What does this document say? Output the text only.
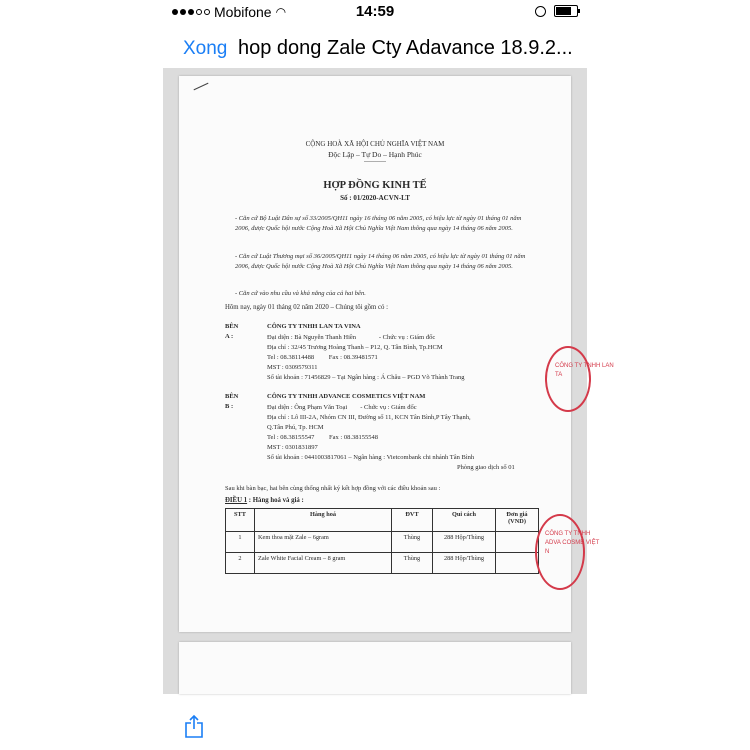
Mobifone ◠	14:59
Xong hop dong Zale Cty Adavance 18.9.2...
CỘNG HOÀ XÃ HỘI CHỦ NGHĨA VIỆT NAM
Độc Lập – Tự Do – Hạnh Phúc
-----------
HỢP ĐỒNG KINH TẾ
Số : 01/2020-ACVN-LT
- Căn cứ Bộ Luật Dân sự số 33/2005/QH11 ngày 16 tháng 06 năm 2005, có hiệu lực từ ngày 01 tháng 01 năm 2006, được Quốc hội nước Cộng Hoà Xã Hội Chủ Nghĩa Việt Nam thông qua ngày 14 tháng 06 năm 2005.
- Căn cứ Luật Thương mại số 36/2005/QH11 ngày 14 tháng 06 năm 2005, có hiệu lực từ ngày 01 tháng 01 năm 2006, được Quốc hội nước Cộng Hoà Xã Hội Chủ Nghĩa Việt Nam thông qua ngày 14 tháng 06 năm 2005.
- Căn cứ vào nhu cầu và khả năng của cả hai bên.
Hôm nay, ngày 01 tháng 02 năm 2020 – Chúng tôi gồm có :
BÊN A :
CÔNG TY TNHH LAN TA VINA
Đại diện : Bà Nguyễn Thanh Hiền	- Chức vụ : Giám đốc
Địa chỉ : 32/45 Trương Hoàng Thanh – P12, Q. Tân Bình, Tp.HCM
Tel : 08.38114488 Fax : 08.39481571
MST : 0309579311
Số tài khoản : 71456829 – Tại Ngân hàng : Á Châu – PGD Võ Thành Trang
BÊN B :
CÔNG TY TNHH ADVANCE COSMETICS VIỆT NAM
Đại diện : Ông Phạm Văn Toại - Chức vụ : Giám đốc
Địa chỉ : Lô III-2A, Nhóm CN III, Đường số 11, KCN Tân Bình,P Tây Thạnh,
Q.Tân Phú, Tp. HCM
Tel : 08.38155547 Fax : 08.38155548
MST : 0301831897
Số tài khoản : 0441003817061 – Ngân hàng : Vietcombank chi nhánh Tân Bình
Phòng giao dịch số 01
Sau khi bàn bạc, hai bên cùng thống nhất ký kết hợp đồng với các điều khoản sau :
ĐIỀU 1 : Hàng hoá và giá :
STT	Hàng hoá	ĐVT	Qui cách	Đơn giá (VND)
1	Kem thoa mặt Zale – 6gram	Thùng	288 Hộp/Thùng	
2	Zale White Facial Cream – 8 gram	Thùng	288 Hộp/Thùng	
CÔNG TY TNHH LAN TA
CÔNG TY TNHH ADVA COSME VIỆT N
